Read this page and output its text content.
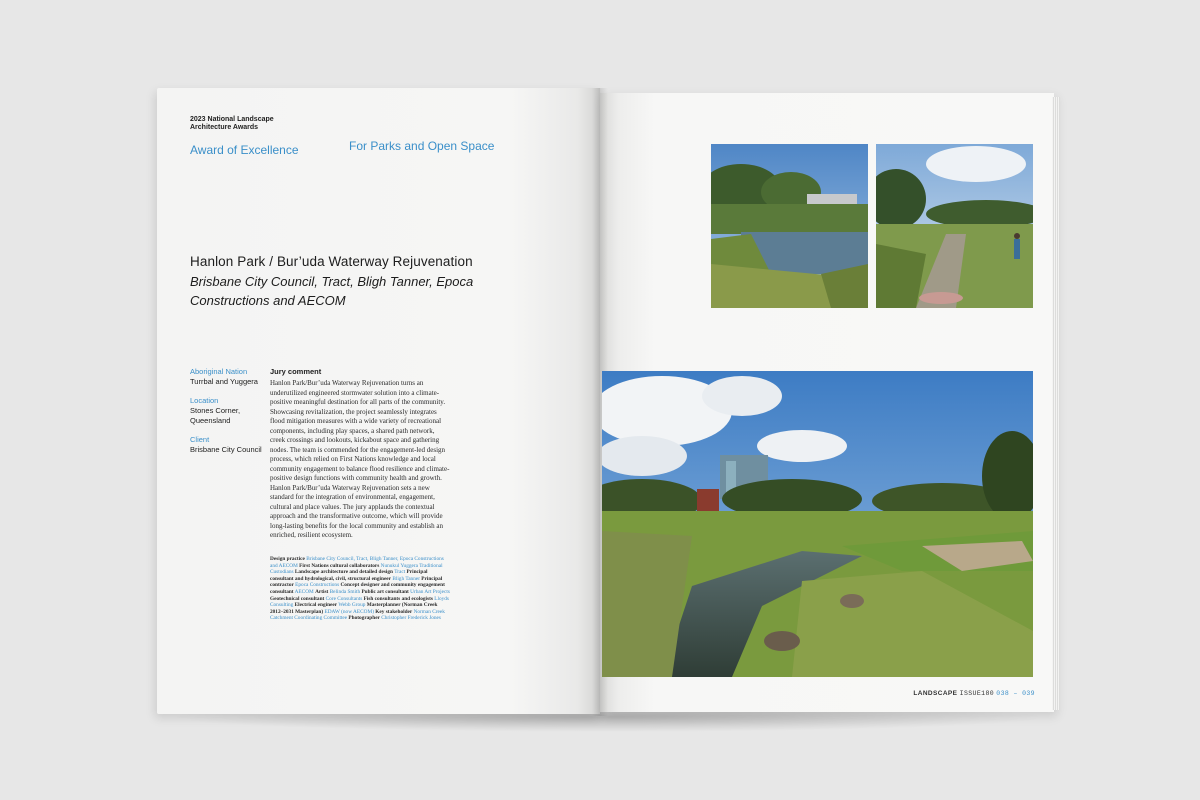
2023 National Landscape Architecture Awards
Award of Excellence	For Parks and Open Space
Hanlon Park / Bur’uda Waterway Rejuvenation
Brisbane City Council, Tract, Bligh Tanner, Epoca Constructions and AECOM
Aboriginal Nation
Turrbal and Yuggera
Location
Stones Corner, Queensland
Client
Brisbane City Council
Jury comment
Hanlon Park/Bur’uda Waterway Rejuvenation turns an underutilized engineered stormwater solution into a climate-positive meaningful destination for all parts of the community. Showcasing revitalization, the project seamlessly integrates flood mitigation measures with a wide variety of recreational components, including play spaces, a shared path network, creek crossings and lookouts, kickabout space and gathering nodes. The team is commended for the engagement-led design process, which relied on First Nations knowledge and local community engagement to balance flood resilience and climate-positive design functions with community health and growth. Hanlon Park/Bur’uda Waterway Rejuvenation sets a new standard for the integration of environmental, engagement, cultural and place values. The jury applauds the contextual approach and the transformative outcome, which will provide long-lasting benefits for the local community and establish an enriched, resilient ecosystem.
Design practice Brisbane City Council, Tract, Bligh Tanner, Epoca Constructions and AECOM First Nations cultural collaborators Nunukul Yuggera Traditional Custodians Landscape architecture and detailed design Tract Principal consultant and hydrological, civil, structural engineer Bligh Tanner Principal contractor Epoca Constructions Concept designer and community engagement consultant AECOM Artist Belinda Smith Public art consultant Urban Art Projects Geotechnical consultant Core Consultants Fish consultants and ecologists Lloyds Consulting Electrical engineer Webb Group Masterplanner (Norman Creek 2012–2031 Masterplan) EDAW (now AECOM) Key stakeholder Norman Creek Catchment Coordinating Committee Photographer Christopher Frederick Jones
LANDSCAPE ISSUE180 038 – 039
